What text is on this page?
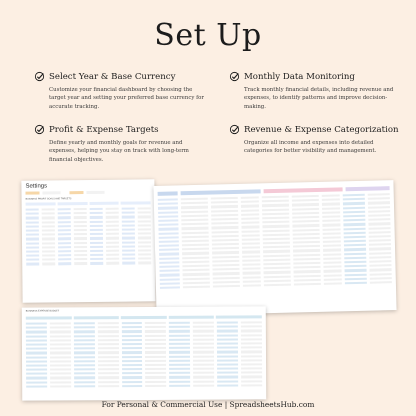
Set Up
Select Year & Base Currency
Customize your financial dashboard by choosing the target year and setting your preferred base currency for accurate tracking.
Monthly Data Monitoring
Track monthly financial details, including revenue and expenses, to identify patterns and improve decision-making.
Profit & Expense Targets
Define yearly and monthly goals for revenue and expenses, helping you stay on track with long-term financial objectives.
Revenue & Expense Categorization
Organize all income and expenses into detailed categories for better visibility and management.
Settings
BUSINESS PROFIT GOALS AND TARGETS
BUSINESS EXPENSE BUDGET
For Personal & Commercial Use | SpreadsheetsHub.com
